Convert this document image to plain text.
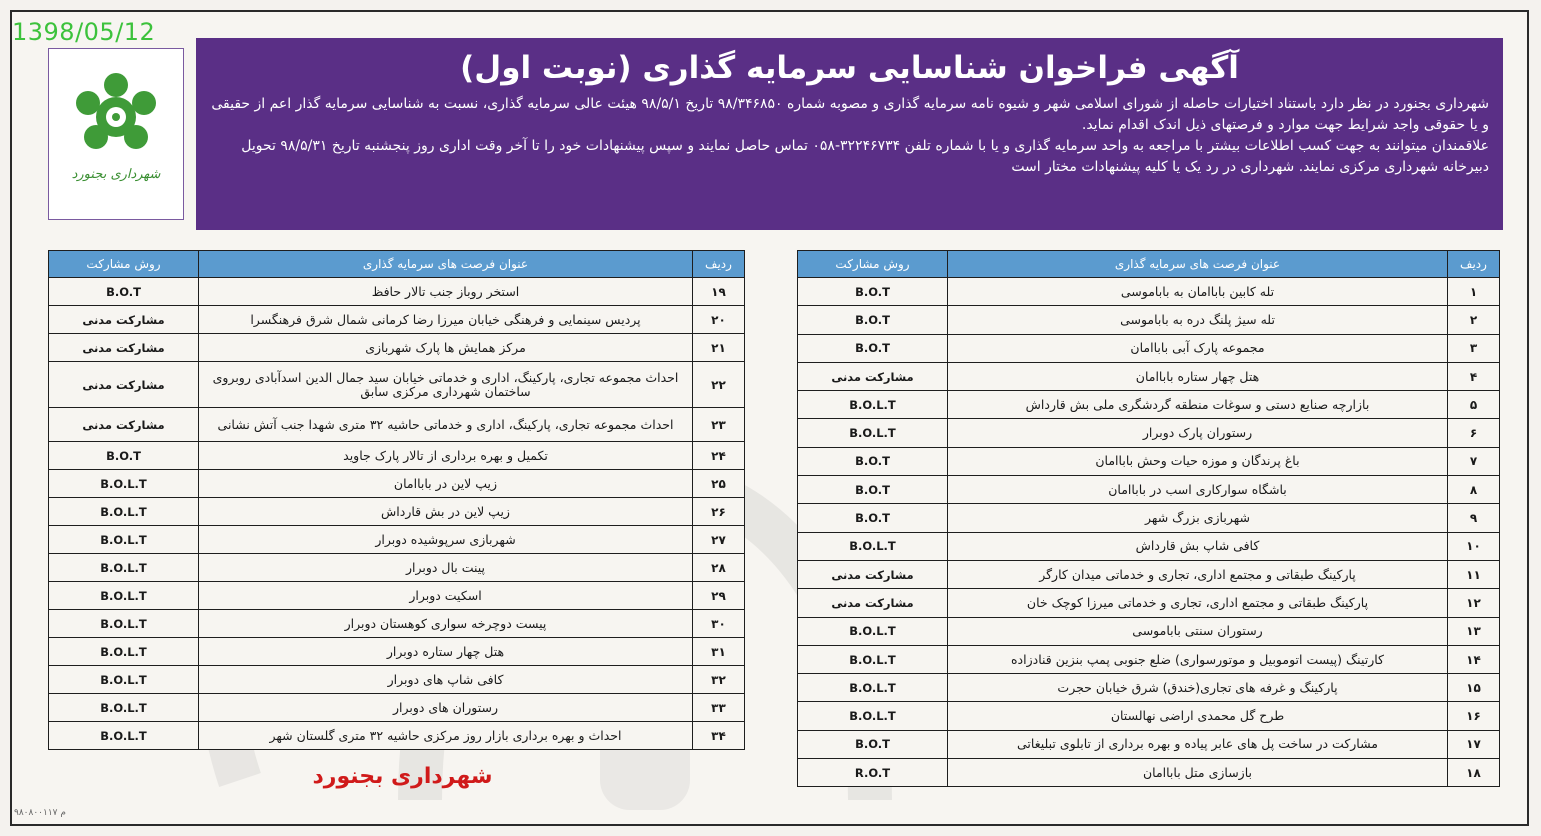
1398/05/12
شهرداری بجنورد
آگهی فراخوان شناسایی سرمایه گذاری (نوبت اول)

شهرداری بجنورد در نظر دارد باستناد اختیارات حاصله از شورای اسلامی شهر و شیوه نامه سرمایه گذاری و مصوبه شماره ۹۸/۳۴۶۸۵۰ تاریخ ۹۸/۵/۱ هیئت عالی سرمایه گذاری، نسبت به شناسایی سرمایه گذار اعم از حقیقی و یا حقوقی واجد شرایط جهت موارد و فرصتهای ذیل اندک اقدام نماید.

علاقمندان میتوانند به جهت کسب اطلاعات بیشتر با مراجعه به واحد سرمایه گذاری و یا با شماره تلفن ۳۲۲۴۶۷۳۴-۰۵۸ تماس حاصل نمایند و سپس پیشنهادات خود را تا آخر وقت اداری روز پنجشنبه تاریخ ۹۸/۵/۳۱ تحویل دبیرخانه شهرداری مرکزی نمایند. شهرداری در رد یک یا کلیه پیشنهادات مختار است

ردیف	عنوان فرصت های سرمایه گذاری	روش مشارکت
۱	تله کابین باباامان به باباموسی	B.O.T
۲	تله سیژ پلنگ دره به باباموسی	B.O.T
۳	مجموعه پارک آبی باباامان	B.O.T
۴	هتل چهار ستاره باباامان	مشارکت مدنی
۵	بازارچه صنایع دستی و سوغات منطقه گردشگری ملی بش قارداش	B.O.L.T
۶	رستوران پارک دوبرار	B.O.L.T
۷	باغ پرندگان و موزه حیات وحش باباامان	B.O.T
۸	باشگاه سوارکاری اسب در باباامان	B.O.T
۹	شهربازی بزرگ شهر	B.O.T
۱۰	کافی شاپ بش قارداش	B.O.L.T
۱۱	پارکینگ طبقاتی و مجتمع اداری، تجاری و خدماتی میدان کارگر	مشارکت مدنی
۱۲	پارکینگ طبقاتی و مجتمع اداری، تجاری و خدماتی میرزا کوچک خان	مشارکت مدنی
۱۳	رستوران سنتی باباموسی	B.O.L.T
۱۴	کارتینگ (پیست اتوموبیل و موتورسواری) ضلع جنوبی پمپ بنزین قنادزاده	B.O.L.T
۱۵	پارکینگ و غرفه های تجاری(خندق) شرق خیابان حجرت	B.O.L.T
۱۶	طرح گل محمدی اراضی نهالستان	B.O.L.T
۱۷	مشارکت در ساخت پل های عابر پیاده و بهره برداری از تابلوی تبلیغاتی	B.O.T
۱۸	بازسازی متل باباامان	R.O.T
ردیف	عنوان فرصت های سرمایه گذاری	روش مشارکت
۱۹	استخر روباز جنب تالار حافظ	B.O.T
۲۰	پردیس سینمایی و فرهنگی خیابان میرزا رضا کرمانی شمال شرق فرهنگسرا	مشارکت مدنی
۲۱	مرکز همایش ها پارک شهربازی	مشارکت مدنی
۲۲	احداث مجموعه تجاری، پارکینگ، اداری و خدماتی خیابان سید جمال الدین اسدآبادی روبروی ساختمان شهرداری مرکزی سابق	مشارکت مدنی
۲۳	احداث مجموعه تجاری، پارکینگ، اداری و خدماتی حاشیه ۳۲ متری شهدا جنب آتش نشانی	مشارکت مدنی
۲۴	تکمیل و بهره برداری از تالار پارک جاوید	B.O.T
۲۵	زیپ لاین در باباامان	B.O.L.T
۲۶	زیپ لاین در بش قارداش	B.O.L.T
۲۷	شهربازی سرپوشیده دوبرار	B.O.L.T
۲۸	پینت بال دوبرار	B.O.L.T
۲۹	اسکیت دوبرار	B.O.L.T
۳۰	پیست دوچرخه سواری کوهستان دوبرار	B.O.L.T
۳۱	هتل چهار ستاره دوبرار	B.O.L.T
۳۲	کافی شاپ های دوبرار	B.O.L.T
۳۳	رستوران های دوبرار	B.O.L.T
۳۴	احداث و بهره برداری بازار روز مرکزی حاشیه ۳۲ متری گلستان شهر	B.O.L.T
شهرداری بجنورد
م ۹۸۰۸۰۰۱۱۷
